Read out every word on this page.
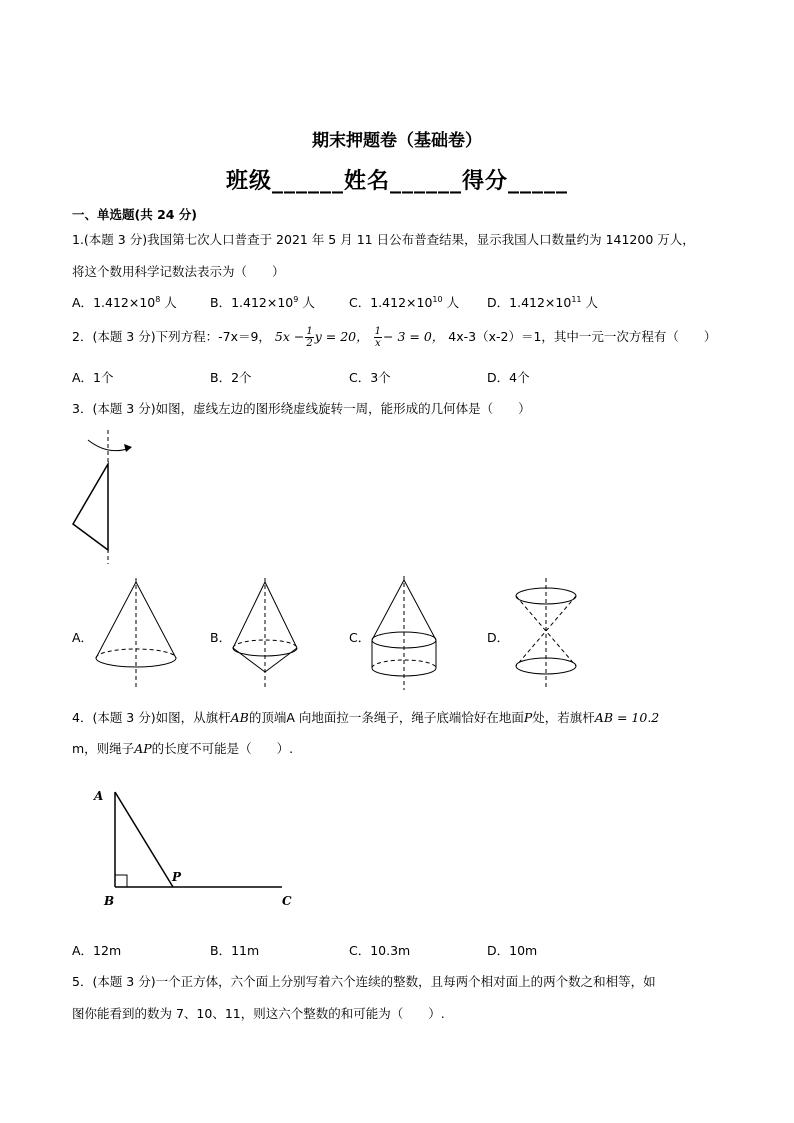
期末押题卷（基础卷）
班级______姓名______得分_____
一、单选题(共 24 分)
1.(本题 3 分)我国第七次人口普查于 2021 年 5 月 11 日公布普查结果，显示我国人口数量约为 141200 万人，
将这个数用科学记数法表示为（　　）
A．$1.412\times 10^8$ 人	B．$1.412\times 10^9$ 人	C．$1.412\times 10^{10}$ 人 D．$1.412\times 10^{11}$ 人
2．(本题 3 分)下列方程：-7x＝9， $5x - \frac{1}{2}$ y = 20， $\frac{1}{x} - 3 = 0$， 4x-3（x-2）＝1，其中一元一次方程有（　　）
A．1个	B．2个	C．3个	D．4个
3．(本题 3 分)如图，虚线左边的图形绕虚线旋转一周，能形成的几何体是（　　）
A．	B．	C．	D．
4．(本题 3 分)如图，从旗杆AB的顶端A 向地面拉一条绳子，绳子底端恰好在地面P处，若旗杆AB = 10.2
m，则绳子AP的长度不可能是（　　）.
A
B
P
C
A．12m	B．11m	C．10.3m	D．10m
5．(本题 3 分)一个正方体，六个面上分别写着六个连续的整数，且每两个相对面上的两个数之和相等，如
图你能看到的数为 7、10、11，则这六个整数的和可能为（　　）.
